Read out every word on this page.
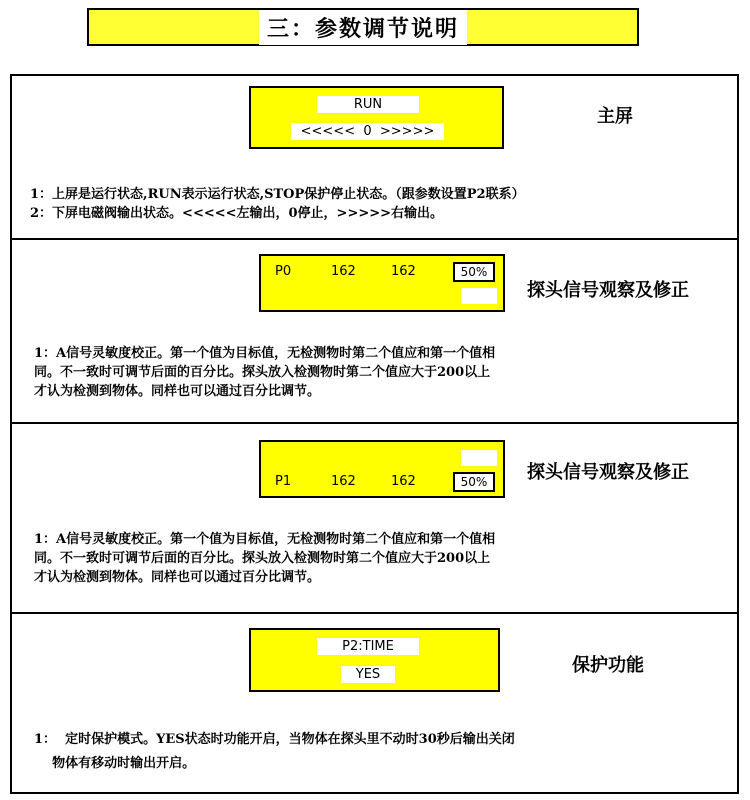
三：参数调节说明
RUN
<<<<<  0  >>>>>
主屏
1：上屏是运行状态,RUN表示运行状态,STOP保护停止状态。（跟参数设置P2联系）
2：下屏电磁阀输出状态。<<<<<左输出，0停止，>>>>>右输出。
P0	162	162	50%
探头信号观察及修正
1：A信号灵敏度校正。第一个值为目标值，无检测物时第二个值应和第一个值相
同。不一致时可调节后面的百分比。探头放入检测物时第二个值应大于200以上
才认为检测到物体。同样也可以通过百分比调节。
P1	162	162	50%	探头信号观察及修正
1：A信号灵敏度校正。第一个值为目标值，无检测物时第二个值应和第一个值相
同。不一致时可调节后面的百分比。探头放入检测物时第二个值应大于200以上
才认为检测到物体。同样也可以通过百分比调节。
P2:TIME
YES	保护功能
1：  定时保护模式。YES状态时功能开启，当物体在探头里不动时30秒后输出关闭
物体有移动时输出开启。
